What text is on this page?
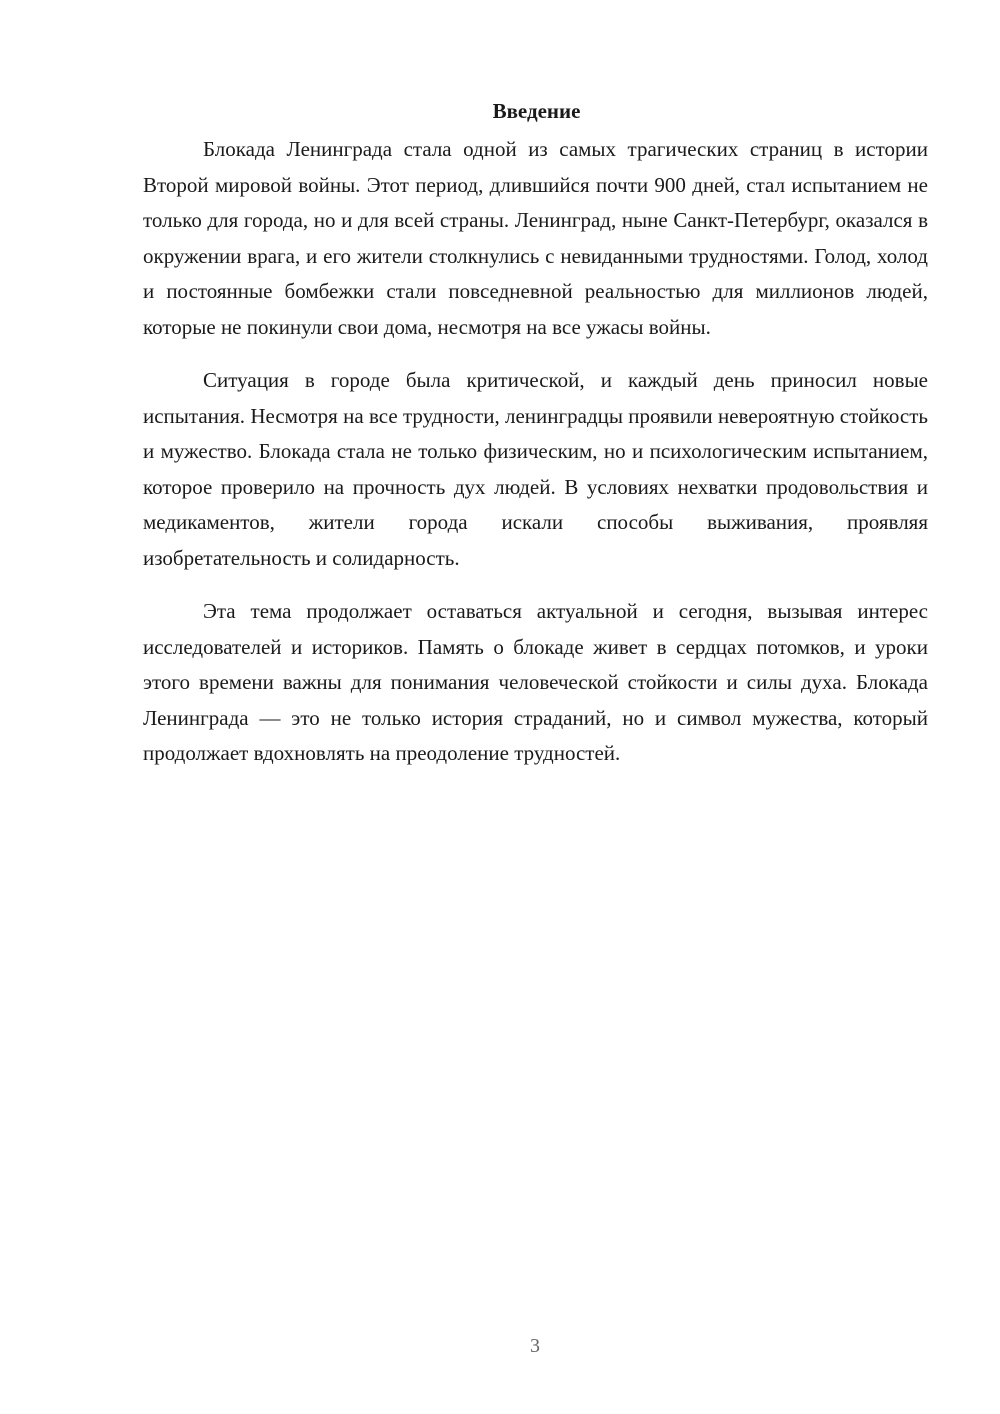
Введение

Блокада Ленинграда стала одной из самых трагических страниц в истории Второй мировой войны. Этот период, длившийся почти 900 дней, стал испытанием не только для города, но и для всей страны. Ленинград, ныне Санкт-Петербург, оказался в окружении врага, и его жители столкнулись с невиданными трудностями. Голод, холод и постоянные бомбежки стали повседневной реальностью для миллионов людей, которые не покинули свои дома, несмотря на все ужасы войны.

Ситуация в городе была критической, и каждый день приносил новые испытания. Несмотря на все трудности, ленинградцы проявили невероятную стойкость и мужество. Блокада стала не только физическим, но и психологическим испытанием, которое проверило на прочность дух людей. В условиях нехватки продовольствия и медикаментов, жители города искали способы выживания, проявляя изобретательность и солидарность.

Эта тема продолжает оставаться актуальной и сегодня, вызывая интерес исследователей и историков. Память о блокаде живет в сердцах потомков, и уроки этого времени важны для понимания человеческой стойкости и силы духа. Блокада Ленинграда — это не только история страданий, но и символ мужества, который продолжает вдохновлять на преодоление трудностей.

3
